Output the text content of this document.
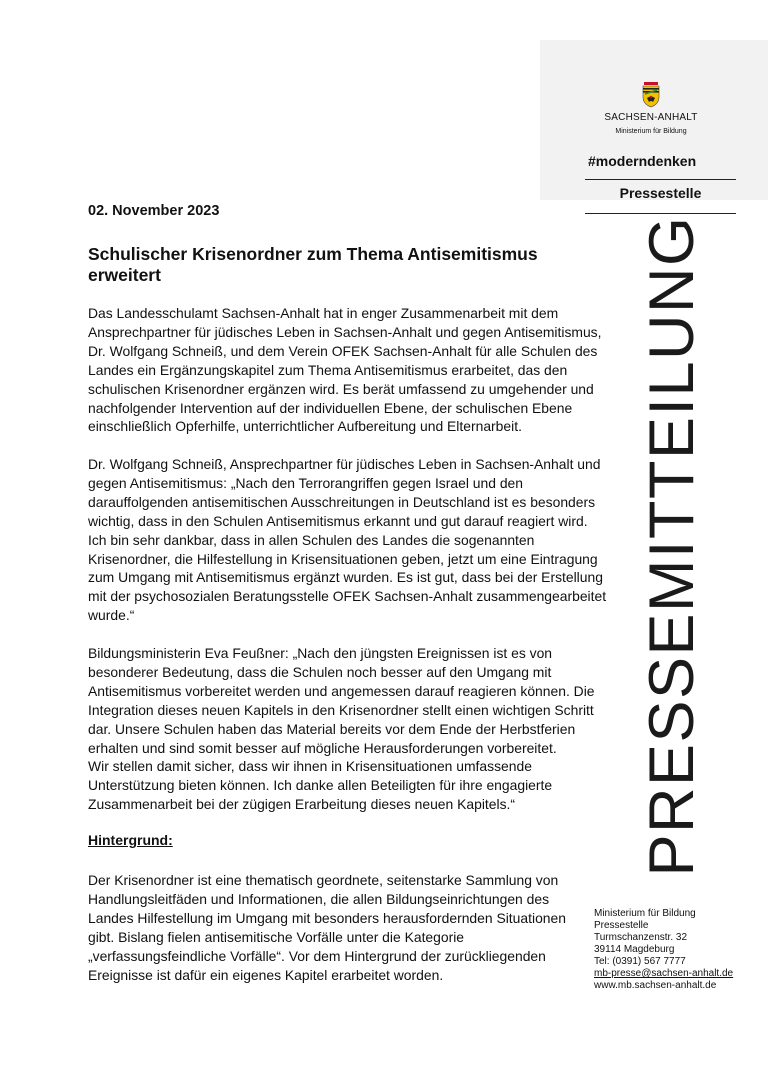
SACHSEN-ANHALT
Ministerium für Bildung
#moderndenken
Pressestelle
PRESSEMITTEILUNG
02. November 2023
Schulischer Krisenordner zum Thema Antisemitismus
erweitert

Das Landesschulamt Sachsen-Anhalt hat in enger Zusammenarbeit mit dem
Ansprechpartner für jüdisches Leben in Sachsen-Anhalt und gegen Antisemitismus,
Dr. Wolfgang Schneiß, und dem Verein OFEK Sachsen-Anhalt für alle Schulen des
Landes ein Ergänzungskapitel zum Thema Antisemitismus erarbeitet, das den
schulischen Krisenordner ergänzen wird. Es berät umfassend zu umgehender und
nachfolgender Intervention auf der individuellen Ebene, der schulischen Ebene
einschließlich Opferhilfe, unterrichtlicher Aufbereitung und Elternarbeit.

Dr. Wolfgang Schneiß, Ansprechpartner für jüdisches Leben in Sachsen-Anhalt und
gegen Antisemitismus: „Nach den Terrorangriffen gegen Israel und den
darauffolgenden antisemitischen Ausschreitungen in Deutschland ist es besonders
wichtig, dass in den Schulen Antisemitismus erkannt und gut darauf reagiert wird.
Ich bin sehr dankbar, dass in allen Schulen des Landes die sogenannten
Krisenordner, die Hilfestellung in Krisensituationen geben, jetzt um eine Eintragung
zum Umgang mit Antisemitismus ergänzt wurden. Es ist gut, dass bei der Erstellung
mit der psychosozialen Beratungsstelle OFEK Sachsen-Anhalt zusammengearbeitet
wurde.“

Bildungsministerin Eva Feußner: „Nach den jüngsten Ereignissen ist es von
besonderer Bedeutung, dass die Schulen noch besser auf den Umgang mit
Antisemitismus vorbereitet werden und angemessen darauf reagieren können. Die
Integration dieses neuen Kapitels in den Krisenordner stellt einen wichtigen Schritt
dar. Unsere Schulen haben das Material bereits vor dem Ende der Herbstferien
erhalten und sind somit besser auf mögliche Herausforderungen vorbereitet.
Wir stellen damit sicher, dass wir ihnen in Krisensituationen umfassende
Unterstützung bieten können. Ich danke allen Beteiligten für ihre engagierte
Zusammenarbeit bei der zügigen Erarbeitung dieses neuen Kapitels.“

Hintergrund:

Der Krisenordner ist eine thematisch geordnete, seitenstarke Sammlung von
Handlungsleitfäden und Informationen, die allen Bildungseinrichtungen des
Landes Hilfestellung im Umgang mit besonders herausfordernden Situationen
gibt. Bislang fielen antisemitische Vorfälle unter die Kategorie
„verfassungsfeindliche Vorfälle“. Vor dem Hintergrund der zurückliegenden
Ereignisse ist dafür ein eigenes Kapitel erarbeitet worden.

Ministerium für Bildung
Pressestelle
Turmschanzenstr. 32
39114 Magdeburg
Tel: (0391) 567 7777
mb-presse@sachsen-anhalt.de
www.mb.sachsen-anhalt.de
